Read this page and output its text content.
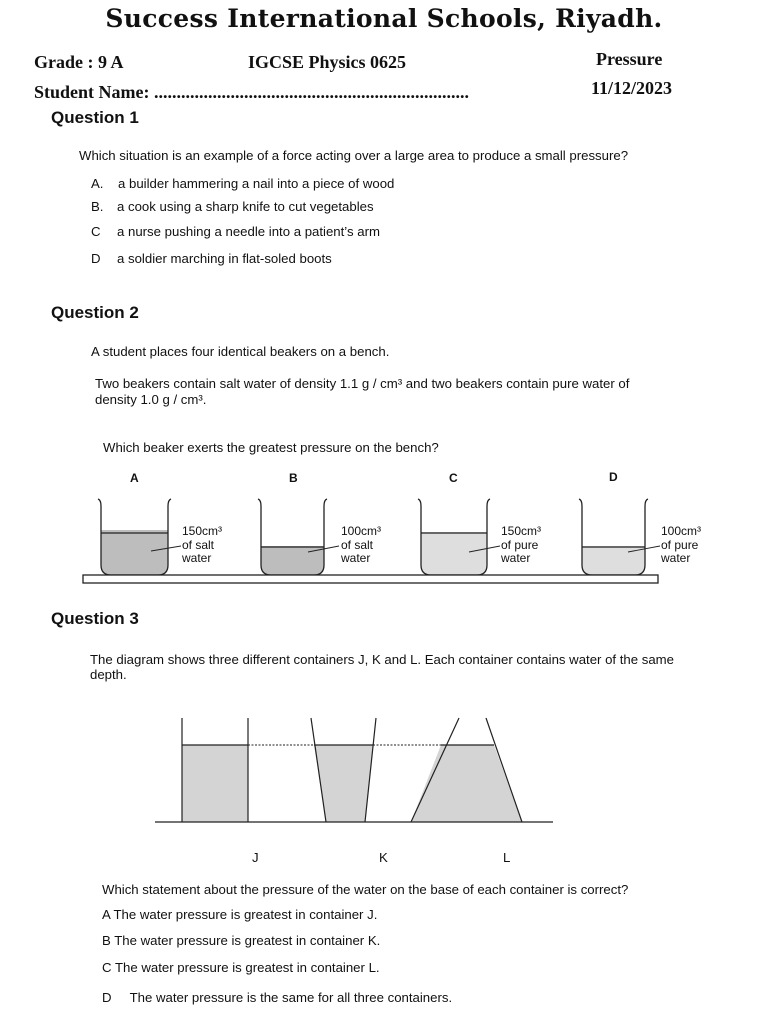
Success International Schools, Riyadh.
Grade : 9 A	IGCSE Physics 0625	Pressure
Student Name: ......................................................................	11/12/2023
Question 1
Which situation is an example of a force acting over a large area to produce a small pressure?
A. a builder hammering a nail into a piece of wood
B. a cook using a sharp knife to cut vegetables
C a nurse pushing a needle into a patient’s arm
D a soldier marching in flat-soled boots
Question 2
A student places four identical beakers on a bench.
Two beakers contain salt water of density 1.1 g / cm³ and two beakers contain pure water of
density 1.0 g / cm³.
Which beaker exerts the greatest pressure on the bench?
A	B	C	D
150cm³
of salt
water
100cm³
of salt
water
150cm³
of pure
water
100cm³
of pure
water
Question 3
The diagram shows three different containers J, K and L. Each container contains water of the same
depth.
J	K	L
Which statement about the pressure of the water on the base of each container is correct?
A The water pressure is greatest in container J.
B The water pressure is greatest in container K.
C The water pressure is greatest in container L.
D     The water pressure is the same for all three containers.
